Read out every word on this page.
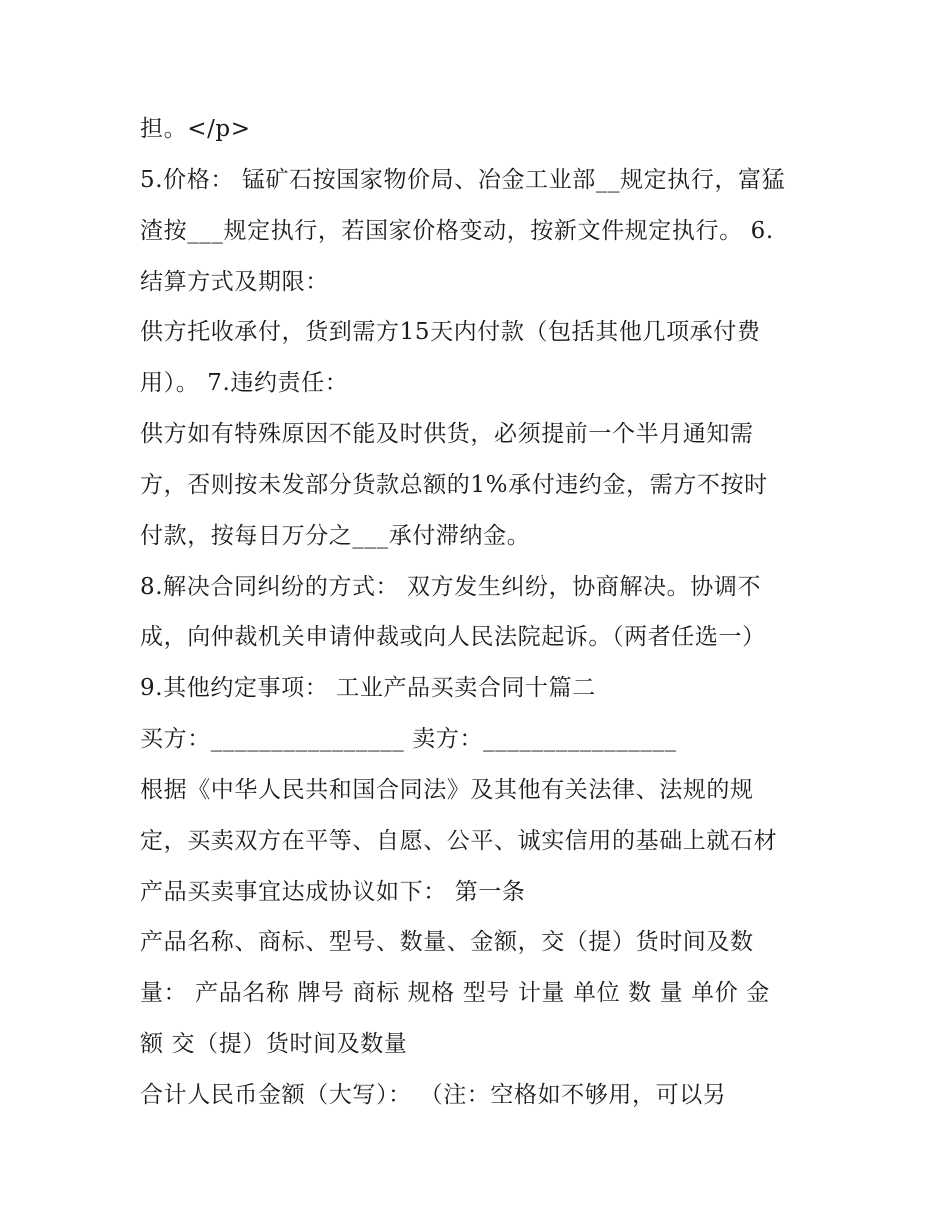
担。</p>
5.价格： 锰矿石按国家物价局、冶金工业部__规定执行，富猛
渣按___规定执行，若国家价格变动，按新文件规定执行。 6.
结算方式及期限：
供方托收承付，货到需方15天内付款（包括其他几项承付费
用）。 7.违约责任：
供方如有特殊原因不能及时供货，必须提前一个半月通知需
方，否则按未发部分货款总额的1%承付违约金，需方不按时
付款，按每日万分之___承付滞纳金。
8.解决合同纠纷的方式： 双方发生纠纷，协商解决。协调不
成，向仲裁机关申请仲裁或向人民法院起诉。（两者任选一）
9.其他约定事项： 工业产品买卖合同十篇二
买方：________________ 卖方：________________
根据《中华人民共和国合同法》及其他有关法律、法规的规
定，买卖双方在平等、自愿、公平、诚实信用的基础上就石材
产品买卖事宜达成协议如下： 第一条
产品名称、商标、型号、数量、金额，交（提）货时间及数
量： 产品名称 牌号 商标 规格 型号 计量 单位 数 量 单价 金
额 交（提）货时间及数量
合计人民币金额（大写）： （注：空格如不够用，可以另
